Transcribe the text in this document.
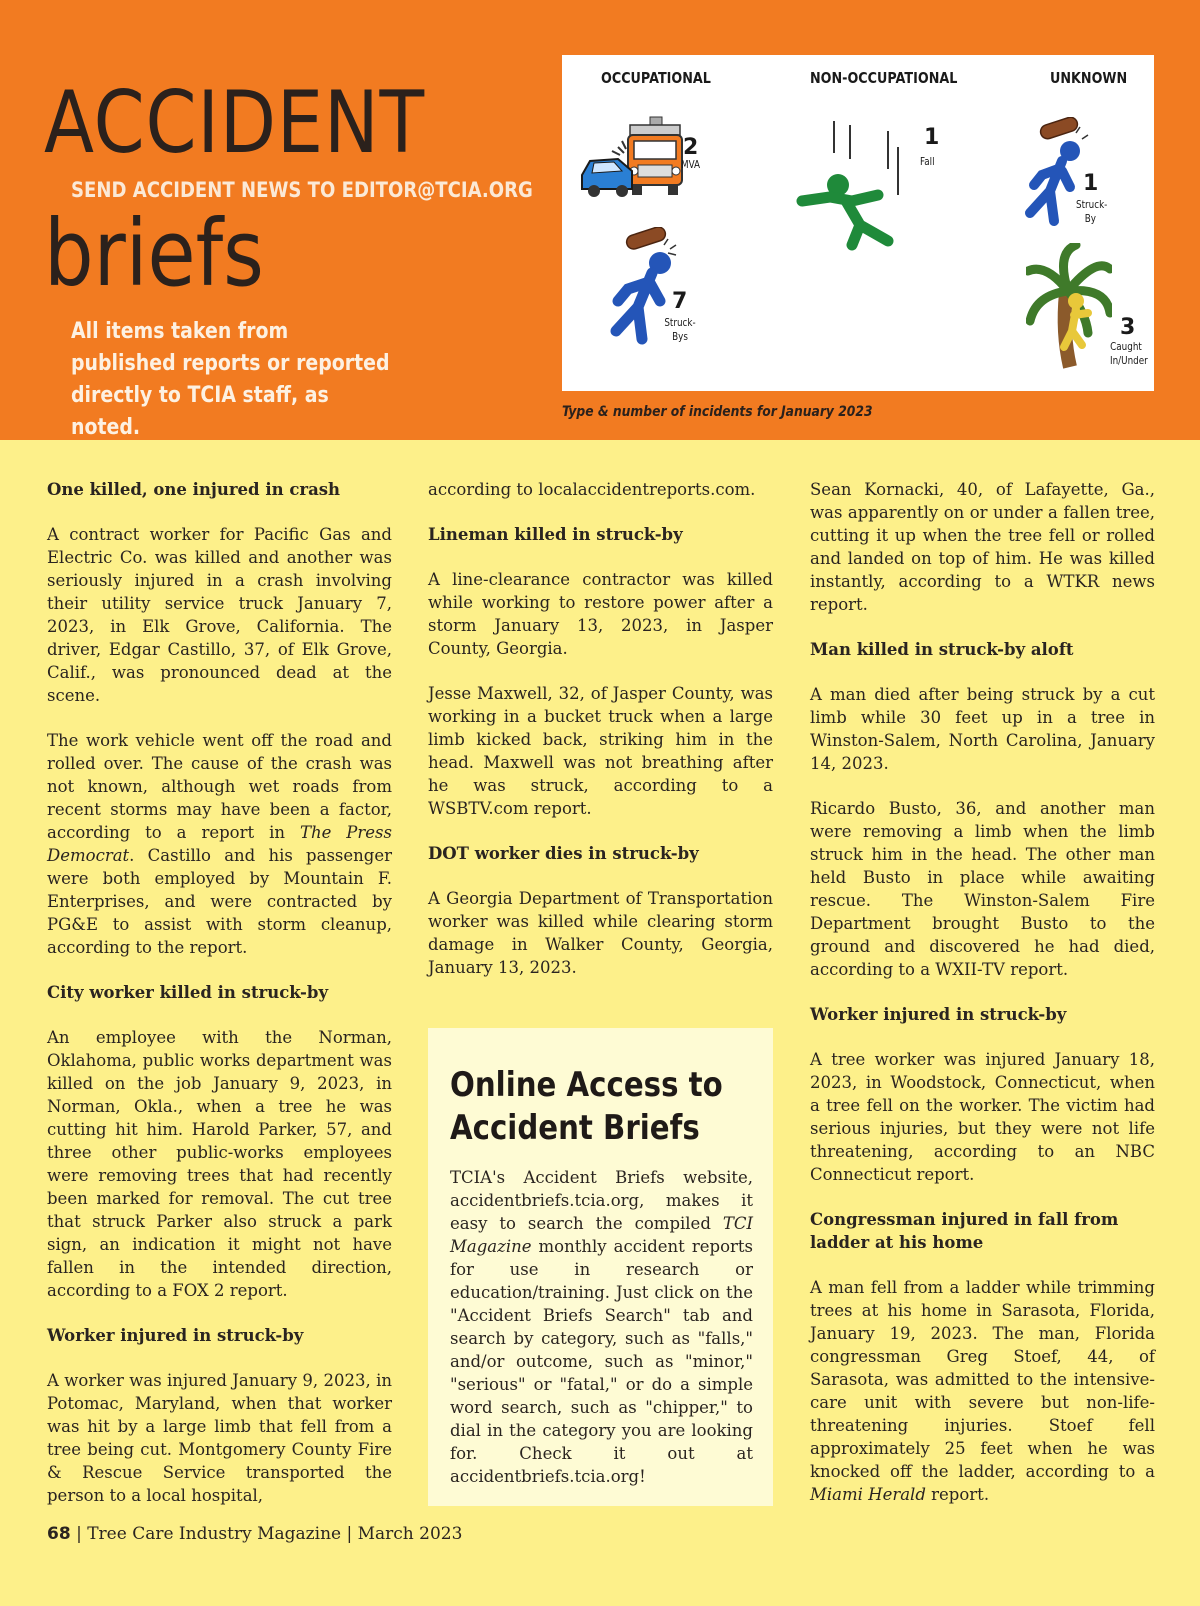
ACCIDENT
SEND ACCIDENT NEWS TO EDITOR@TCIA.ORG
briefs
All items taken from published reports or reported directly to TCIA staff, as noted.
OCCUPATIONAL	NON-OCCUPATIONAL	UNKNOWN
2
MVA
7
Struck-Bys
1
Fall
1
Struck-By
3
Caught In/Under
Type & number of incidents for January 2023
One killed, one injured in crash

A contract worker for Pacific Gas and Electric Co. was killed and another was seriously injured in a crash involving their utility service truck January 7, 2023, in Elk Grove, California. The driver, Edgar Castillo, 37, of Elk Grove, Calif., was pronounced dead at the scene.

The work vehicle went off the road and rolled over. The cause of the crash was not known, although wet roads from recent storms may have been a factor, according to a report in The Press Democrat. Castillo and his passenger were both employed by Mountain F. Enterprises, and were contracted by PG&E to assist with storm cleanup, according to the report.

City worker killed in struck-by

An employee with the Norman, Oklahoma, public works department was killed on the job January 9, 2023, in Norman, Okla., when a tree he was cutting hit him. Harold Parker, 57, and three other public-works employees were removing trees that had recently been marked for removal. The cut tree that struck Parker also struck a park sign, an indication it might not have fallen in the intended direction, according to a FOX 2 report.

Worker injured in struck-by

A worker was injured January 9, 2023, in Potomac, Maryland, when that worker was hit by a large limb that fell from a tree being cut. Montgomery County Fire & Rescue Service transported the person to a local hospital,

according to localaccidentreports.com.

Lineman killed in struck-by

A line-clearance contractor was killed while working to restore power after a storm January 13, 2023, in Jasper County, Georgia.

Jesse Maxwell, 32, of Jasper County, was working in a bucket truck when a large limb kicked back, striking him in the head. Maxwell was not breathing after he was struck, according to a WSBTV.com report.

DOT worker dies in struck-by

A Georgia Department of Transportation worker was killed while clearing storm damage in Walker County, Georgia, January 13, 2023.

Online Access to Accident Briefs

TCIA's Accident Briefs website, accidentbriefs.tcia.org, makes it easy to search the compiled TCI Magazine monthly accident reports for use in research or education/training. Just click on the "Accident Briefs Search" tab and search by category, such as "falls," and/or outcome, such as "minor," "serious" or "fatal," or do a simple word search, such as "chipper," to dial in the category you are looking for. Check it out at accidentbriefs.tcia.org!

Sean Kornacki, 40, of Lafayette, Ga., was apparently on or under a fallen tree, cutting it up when the tree fell or rolled and landed on top of him. He was killed instantly, according to a WTKR news report.

Man killed in struck-by aloft

A man died after being struck by a cut limb while 30 feet up in a tree in Winston-Salem, North Carolina, January 14, 2023.

Ricardo Busto, 36, and another man were removing a limb when the limb struck him in the head. The other man held Busto in place while awaiting rescue. The Winston-Salem Fire Department brought Busto to the ground and discovered he had died, according to a WXII-TV report.

Worker injured in struck-by

A tree worker was injured January 18, 2023, in Woodstock, Connecticut, when a tree fell on the worker. The victim had serious injuries, but they were not life threatening, according to an NBC Connecticut report.

Congressman injured in fall from ladder at his home

A man fell from a ladder while trimming trees at his home in Sarasota, Florida, January 19, 2023. The man, Florida congressman Greg Stoef, 44, of Sarasota, was admitted to the intensive-care unit with severe but non-life-threatening injuries. Stoef fell approximately 25 feet when he was knocked off the ladder, according to a Miami Herald report.

68 | Tree Care Industry Magazine | March 2023
